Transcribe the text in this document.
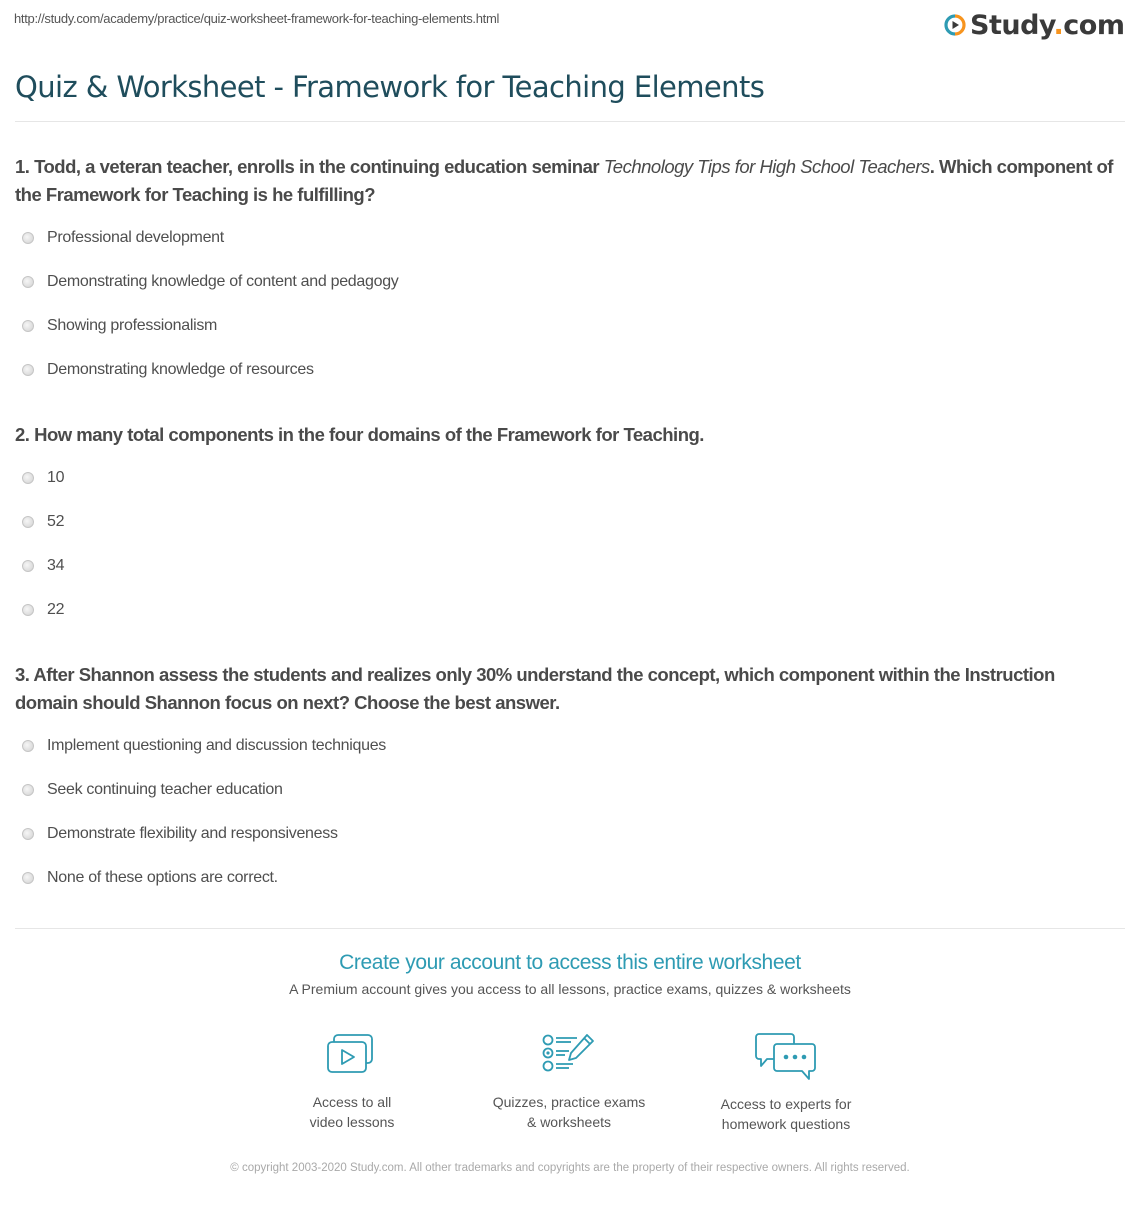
http://study.com/academy/practice/quiz-worksheet-framework-for-teaching-elements.html	Study.com
Quiz & Worksheet - Framework for Teaching Elements
1. Todd, a veteran teacher, enrolls in the continuing education seminar Technology Tips for High School Teachers. Which component of the Framework for Teaching is he fulfilling?
Professional development
Demonstrating knowledge of content and pedagogy
Showing professionalism
Demonstrating knowledge of resources
2. How many total components in the four domains of the Framework for Teaching.
10
52
34
22
3. After Shannon assess the students and realizes only 30% understand the concept, which component within the Instruction domain should Shannon focus on next? Choose the best answer.
Implement questioning and discussion techniques
Seek continuing teacher education
Demonstrate flexibility and responsiveness
None of these options are correct.
Create your account to access this entire worksheet
A Premium account gives you access to all lessons, practice exams, quizzes & worksheets
Access to all
video lessons
Quizzes, practice exams
& worksheets
Access to experts for
homework questions
© copyright 2003-2020 Study.com. All other trademarks and copyrights are the property of their respective owners. All rights reserved.
